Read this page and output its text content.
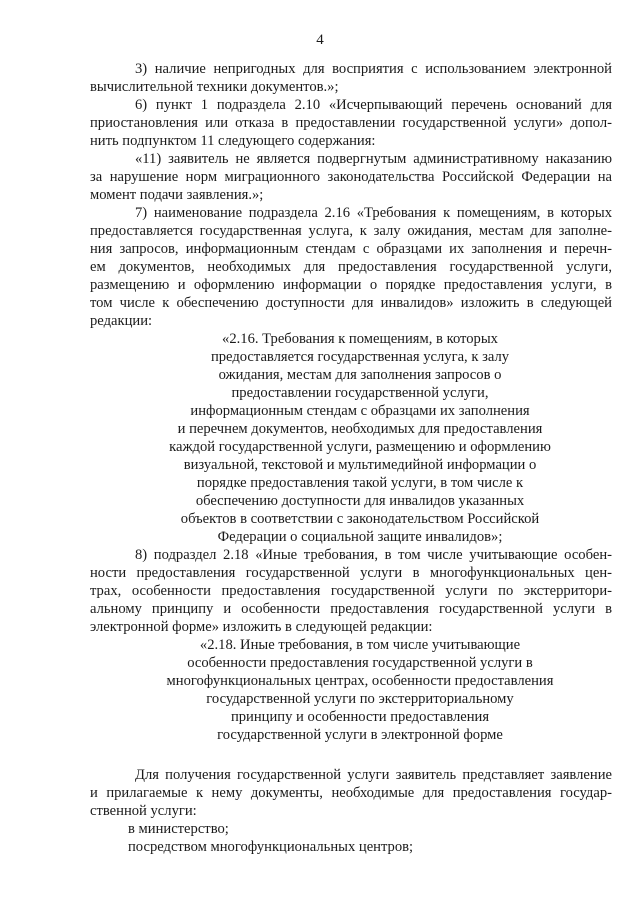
4
3) наличие непригодных для восприятия с использованием электронной
вычислительной техники документов.»;
6) пункт 1 подраздела 2.10 «Исчерпывающий перечень оснований для
приостановления или отказа в предоставлении государственной услуги» допол-
нить подпунктом 11 следующего содержания:
«11) заявитель не является подвергнутым административному наказанию
за нарушение норм миграционного законодательства Российской Федерации на
момент подачи заявления.»;
7) наименование подраздела 2.16 «Требования к помещениям, в которых
предоставляется государственная услуга, к залу ожидания, местам для заполне-
ния запросов, информационным стендам с образцами их заполнения и перечн-
ем документов, необходимых для предоставления государственной услуги,
размещению и оформлению информации о порядке предоставления услуги, в
том числе к обеспечению доступности для инвалидов» изложить в следующей
редакции:
«2.16. Требования к помещениям, в которых
предоставляется государственная услуга, к залу
ожидания, местам для заполнения запросов о
предоставлении государственной услуги,
информационным стендам с образцами их заполнения
и перечнем документов, необходимых для предоставления
каждой государственной услуги, размещению и оформлению
визуальной, текстовой и мультимедийной информации о
порядке предоставления такой услуги, в том числе к
обеспечению доступности для инвалидов указанных
объектов в соответствии с законодательством Российской
Федерации о социальной защите инвалидов»;
8) подраздел 2.18 «Иные требования, в том числе учитывающие особен-
ности предоставления государственной услуги в многофункциональных цен-
трах, особенности предоставления государственной услуги по экстерритори-
альному принципу и особенности предоставления государственной услуги в
электронной форме» изложить в следующей редакции:
«2.18. Иные требования, в том числе учитывающие
особенности предоставления государственной услуги в
многофункциональных центрах, особенности предоставления
государственной услуги по экстерриториальному
принципу и особенности предоставления
государственной услуги в электронной форме
Для получения государственной услуги заявитель представляет заявление
и прилагаемые к нему документы, необходимые для предоставления государ-
ственной услуги:
в министерство;
посредством многофункциональных центров;
